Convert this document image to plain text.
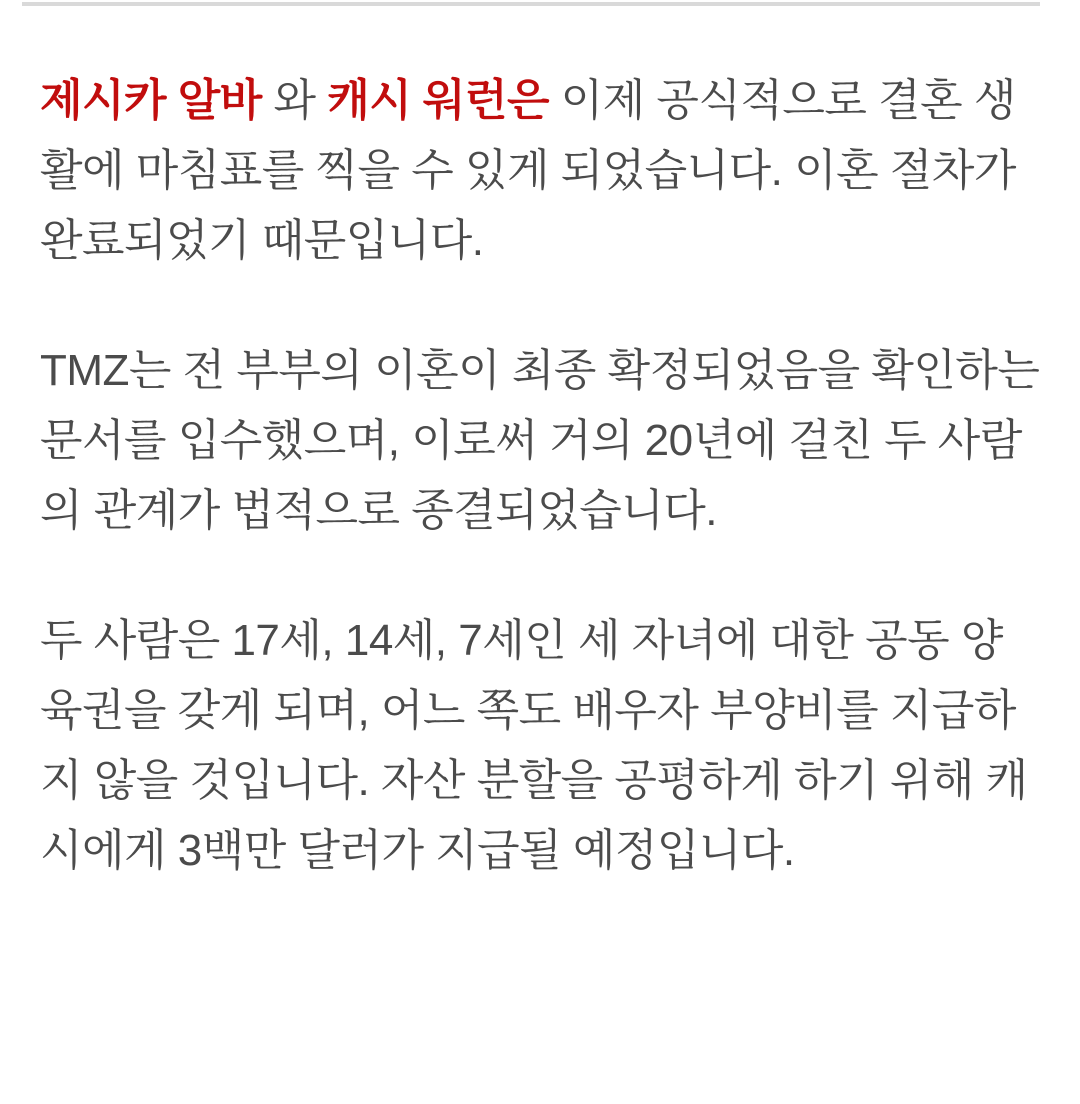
제시카 알바 와 캐시 워런은 이제 공식적으로 결혼 생활에 마침표를 찍을 수 있게 되었습니다. 이혼 절차가 완료되었기 때문입니다.

TMZ는 전 부부의 이혼이 최종 확정되었음을 확인하는 문서를 입수했으며, 이로써 거의 20년에 걸친 두 사람의 관계가 법적으로 종결되었습니다.

두 사람은 17세, 14세, 7세인 세 자녀에 대한 공동 양육권을 갖게 되며, 어느 쪽도 배우자 부양비를 지급하지 않을 것입니다. 자산 분할을 공평하게 하기 위해 캐시에게 3백만 달러가 지급될 예정입니다.
